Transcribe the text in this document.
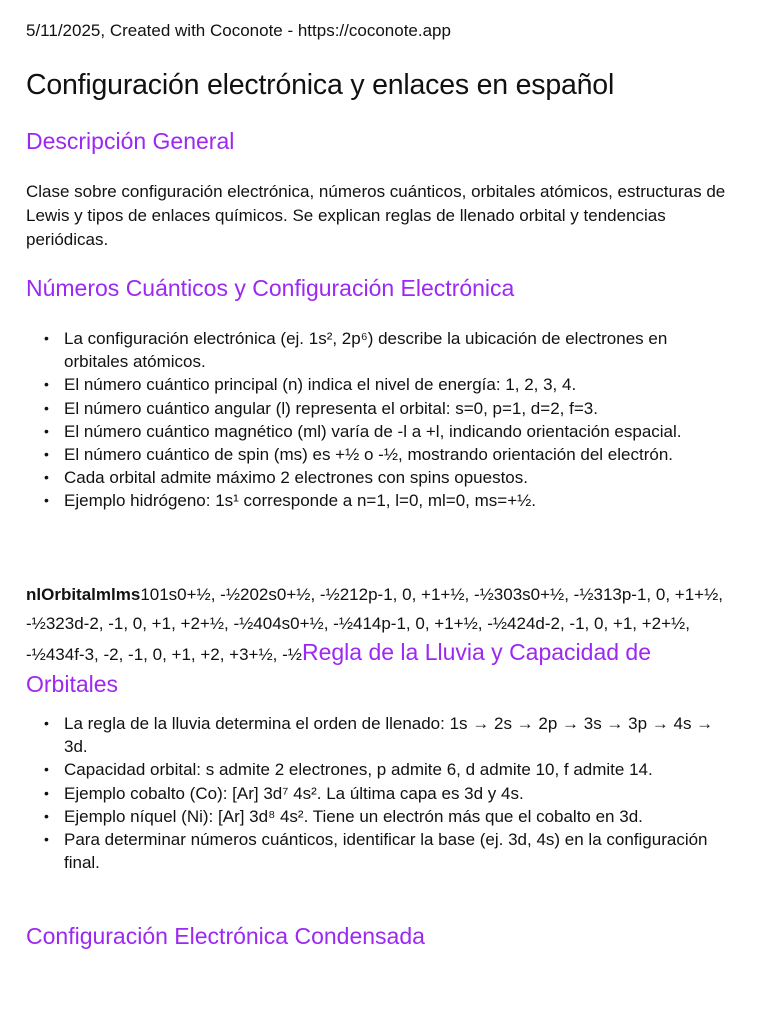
5/11/2025, Created with Coconote - https://coconote.app
Configuración electrónica y enlaces en español
Descripción General

Clase sobre configuración electrónica, números cuánticos, orbitales atómicos, estructuras de Lewis y tipos de enlaces químicos. Se explican reglas de llenado orbital y tendencias periódicas.

Números Cuánticos y Configuración Electrónica
• La configuración electrónica (ej. 1s², 2p⁶) describe la ubicación de electrones en orbitales atómicos.
• El número cuántico principal (n) indica el nivel de energía: 1, 2, 3, 4.
• El número cuántico angular (l) representa el orbital: s=0, p=1, d=2, f=3.
• El número cuántico magnético (ml) varía de -l a +l, indicando orientación espacial.
• El número cuántico de spin (ms) es +½ o -½, mostrando orientación del electrón.
• Cada orbital admite máximo 2 electrones con spins opuestos.
• Ejemplo hidrógeno: 1s¹ corresponde a n=1, l=0, ml=0, ms=+½.

nlOrbitalmlms101s0+½, -½202s0+½, -½212p-1, 0, +1+½, -½303s0+½, -½313p-1, 0, +1+½, -½323d-2, -1, 0, +1, +2+½, -½404s0+½, -½414p-1, 0, +1+½, -½424d-2, -1, 0, +1, +2+½, -½434f-3, -2, -1, 0, +1, +2, +3+½, -½Regla de la Lluvia y Capacidad de Orbitales

• La regla de la lluvia determina el orden de llenado: 1s → 2s → 2p → 3s → 3p → 4s → 3d.
• Capacidad orbital: s admite 2 electrones, p admite 6, d admite 10, f admite 14.
• Ejemplo cobalto (Co): [Ar] 3d⁷ 4s². La última capa es 3d y 4s.
• Ejemplo níquel (Ni): [Ar] 3d⁸ 4s². Tiene un electrón más que el cobalto en 3d.
• Para determinar números cuánticos, identificar la base (ej. 3d, 4s) en la configuración final.
Configuración Electrónica Condensada
